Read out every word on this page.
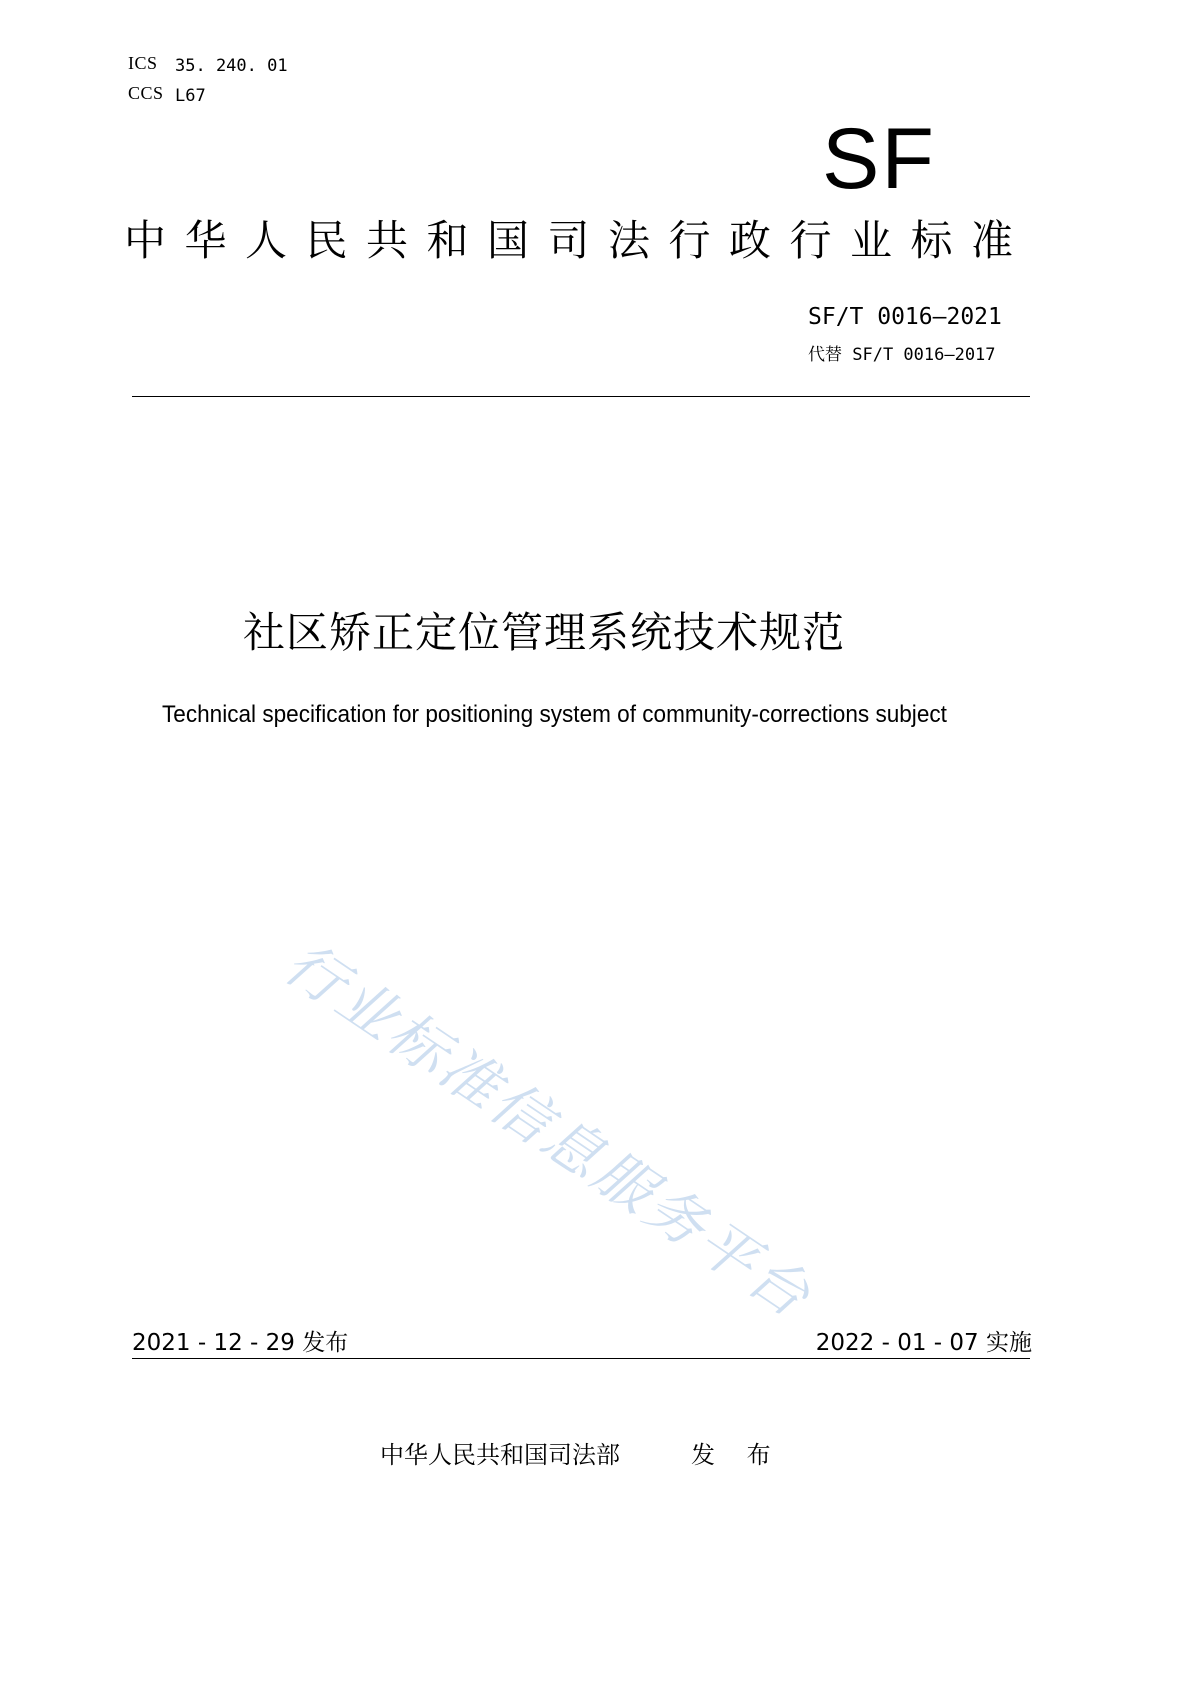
ICS 35. 240. 01
CCS L67
SF
中华人民共和国司法行政行业标准
SF/T 0016—2021
代替 SF/T 0016—2017
社区矫正定位管理系统技术规范
Technical specification for positioning system of community-corrections subject
行业标准信息服务平台
2021 - 12 - 29 发布	2022 - 01 - 07 实施
中华人民共和国司法部	发 布
